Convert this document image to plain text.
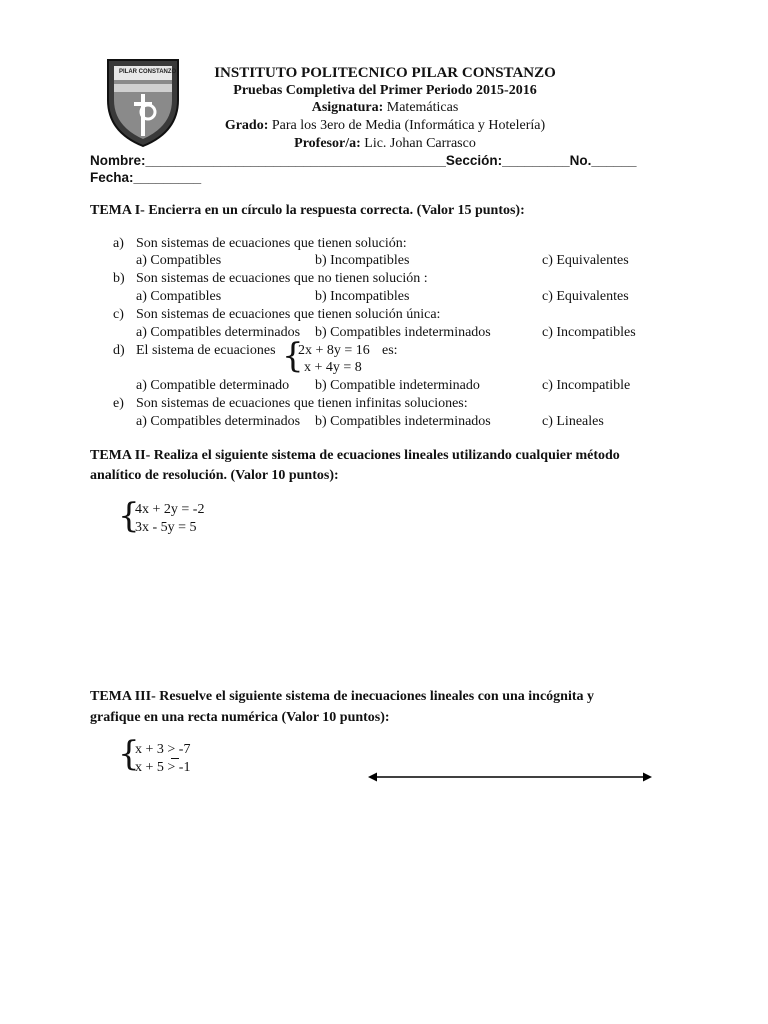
PILAR CONSTANZO	INSTITUTO POLITECNICO PILAR CONSTANZO
Pruebas Completiva del Primer Periodo 2015-2016
Asignatura: Matemáticas
Grado: Para los 3ero de Media (Informática y Hotelería)
Profesor/a: Lic. Johan Carrasco
Nombre:________________________________________Sección:_________No.______
Fecha:_________
TEMA I- Encierra en un círculo la respuesta correcta. (Valor 15 puntos):
a) Son sistemas de ecuaciones que tienen solución:
a) Compatibles	b) Incompatibles	c) Equivalentes
b) Son sistemas de ecuaciones que no tienen solución :
a) Compatibles	b) Incompatibles	c) Equivalentes
c) Son sistemas de ecuaciones que tienen solución única:
a) Compatibles determinados b) Compatibles indeterminados	c) Incompatibles
d) El sistema de ecuaciones {
2x + 8y = 16 es:
x + 4y = 8
a) Compatible determinado b) Compatible indeterminado	c) Incompatible
e) Son sistemas de ecuaciones que tienen infinitas soluciones:
a) Compatibles determinados b) Compatibles indeterminados	c) Lineales
TEMA II- Realiza el siguiente sistema de ecuaciones lineales utilizando cualquier método
analítico de resolución. (Valor 10 puntos):
{
4x + 2y = -2
3x - 5y = 5
TEMA III- Resuelve el siguiente sistema de inecuaciones lineales con una incógnita y
grafique en una recta numérica (Valor 10 puntos):
{
x + 3 > -7
x + 5 > -1
